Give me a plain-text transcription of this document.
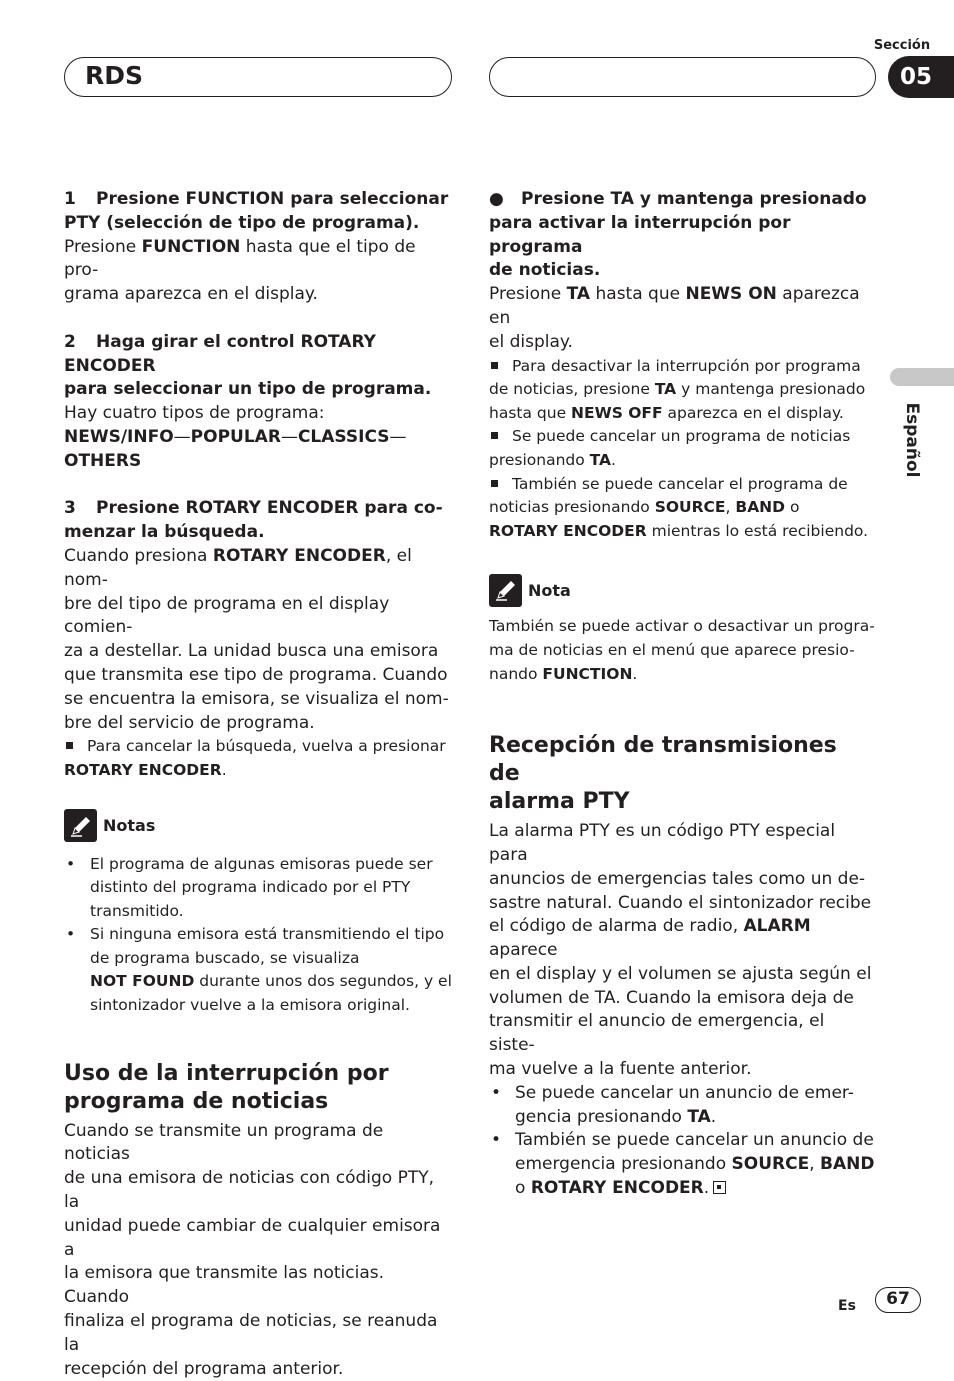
RDS
Sección
05
Español

1 Presione FUNCTION para seleccionar

PTY (selección de tipo de programa).

Presione FUNCTION hasta que el tipo de pro-

grama aparezca en el display.

2 Haga girar el control ROTARY ENCODER

para seleccionar un tipo de programa.

Hay cuatro tipos de programa:

NEWS/INFO—POPULAR—CLASSICS—

OTHERS

3 Presione ROTARY ENCODER para co-

menzar la búsqueda.

Cuando presiona ROTARY ENCODER, el nom-

bre del tipo de programa en el display comien-

za a destellar. La unidad busca una emisora

que transmita ese tipo de programa. Cuando

se encuentra la emisora, se visualiza el nom-

bre del servicio de programa.

Para cancelar la búsqueda, vuelva a presionar

ROTARY ENCODER.

Notas
• El programa de algunas emisoras puede ser

distinto del programa indicado por el PTY

transmitido.

• Si ninguna emisora está transmitiendo el tipo

de programa buscado, se visualiza

NOT FOUND durante unos dos segundos, y el

sintonizador vuelve a la emisora original.

Uso de la interrupción por

programa de noticias

Cuando se transmite un programa de noticias

de una emisora de noticias con código PTY, la

unidad puede cambiar de cualquier emisora a

la emisora que transmite las noticias. Cuando

finaliza el programa de noticias, se reanuda la

recepción del programa anterior.

● Presione TA y mantenga presionado

para activar la interrupción por programa

de noticias.

Presione TA hasta que NEWS ON aparezca en

el display.

Para desactivar la interrupción por programa

de noticias, presione TA y mantenga presionado

hasta que NEWS OFF aparezca en el display.

Se puede cancelar un programa de noticias

presionando TA.

También se puede cancelar el programa de

noticias presionando SOURCE, BAND o

ROTARY ENCODER mientras lo está recibiendo.

Nota

También se puede activar o desactivar un progra-

ma de noticias en el menú que aparece presio-

nando FUNCTION.

Recepción de transmisiones de

alarma PTY

La alarma PTY es un código PTY especial para

anuncios de emergencias tales como un de-

sastre natural. Cuando el sintonizador recibe

el código de alarma de radio, ALARM aparece

en el display y el volumen se ajusta según el

volumen de TA. Cuando la emisora deja de

transmitir el anuncio de emergencia, el siste-

ma vuelve a la fuente anterior.

• Se puede cancelar un anuncio de emer-

gencia presionando TA.

• También se puede cancelar un anuncio de

emergencia presionando SOURCE, BAND

o ROTARY ENCODER.

Es	67
